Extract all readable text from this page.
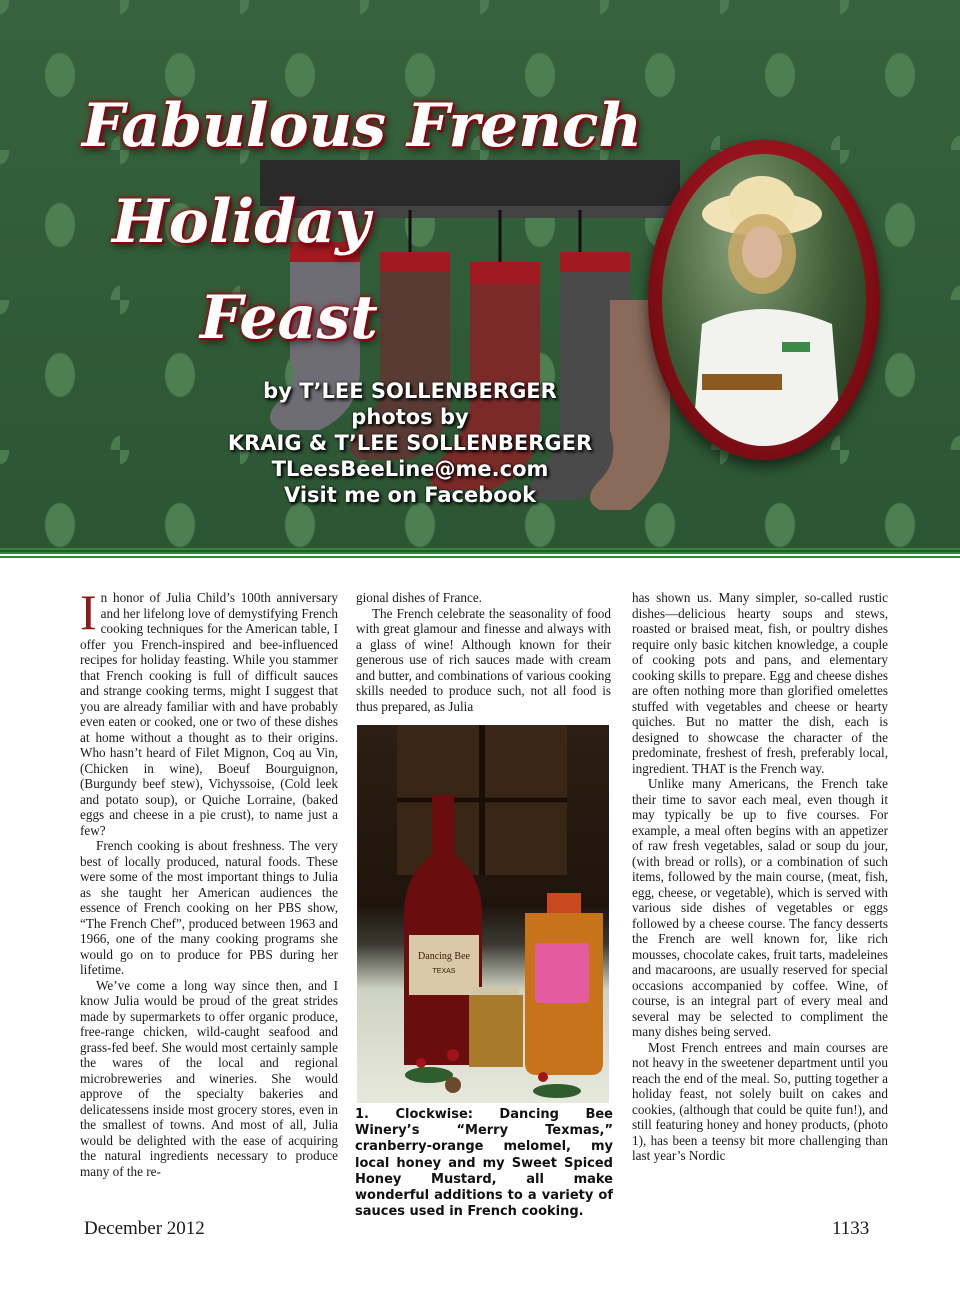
Fabulous French
Holiday
Feast
by T’LEE SOLLENBERGER
photos by
KRAIG & T’LEE SOLLENBERGER
TLeesBeeLine@me.com
Visit me on Facebook

In honor of Julia Child’s 100th anniversary and her lifelong love of demystifying French cooking techniques for the American table, I offer you French-inspired and bee-influenced recipes for holiday feasting. While you stammer that French cooking is full of difficult sauces and strange cooking terms, might I suggest that you are already familiar with and have probably even eaten or cooked, one or two of these dishes at home without a thought as to their origins. Who hasn’t heard of Filet Mignon, Coq au Vin, (Chicken in wine), Boeuf Bourguignon, (Burgundy beef stew), Vichyssoise, (Cold leek and potato soup), or Quiche Lorraine, (baked eggs and cheese in a pie crust), to name just a few?

French cooking is about freshness. The very best of locally produced, natural foods. These were some of the most important things to Julia as she taught her American audiences the essence of French cooking on her PBS show, “The French Chef”, produced between 1963 and 1966, one of the many cooking programs she would go on to produce for PBS during her lifetime.

We’ve come a long way since then, and I know Julia would be proud of the great strides made by supermarkets to offer organic produce, free-range chicken, wild-caught seafood and grass-fed beef. She would most certainly sample the wares of the local and regional microbreweries and wineries. She would approve of the specialty bakeries and delicatessens inside most grocery stores, even in the smallest of towns. And most of all, Julia would be delighted with the ease of acquiring the natural ingredients necessary to produce many of the re-

gional dishes of France.

The French celebrate the seasonality of food with great glamour and finesse and always with a glass of wine! Although known for their generous use of rich sauces made with cream and butter, and combinations of various cooking skills needed to produce such, not all food is thus prepared, as Julia

Dancing Bee
TEXAS
1. Clockwise: Dancing Bee Winery’s “Merry Texmas,” cranberry-orange melomel, my local honey and my Sweet Spiced Honey Mustard, all make wonderful additions to a variety of sauces used in French cooking.

has shown us. Many simpler, so-called rustic dishes—delicious hearty soups and stews, roasted or braised meat, fish, or poultry dishes require only basic kitchen knowledge, a couple of cooking pots and pans, and elementary cooking skills to prepare. Egg and cheese dishes are often nothing more than glorified omelettes stuffed with vegetables and cheese or hearty quiches. But no matter the dish, each is designed to showcase the character of the predominate, freshest of fresh, preferably local, ingredient. THAT is the French way.

Unlike many Americans, the French take their time to savor each meal, even though it may typically be up to five courses. For example, a meal often begins with an appetizer of raw fresh vegetables, salad or soup du jour, (with bread or rolls), or a combination of such items, followed by the main course, (meat, fish, egg, cheese, or vegetable), which is served with various side dishes of vegetables or eggs followed by a cheese course. The fancy desserts the French are well known for, like rich mousses, chocolate cakes, fruit tarts, madeleines and macaroons, are usually reserved for special occasions accompanied by coffee. Wine, of course, is an integral part of every meal and several may be selected to compliment the many dishes being served.

Most French entrees and main courses are not heavy in the sweetener department until you reach the end of the meal. So, putting together a holiday feast, not solely built on cakes and cookies, (although that could be quite fun!), and still featuring honey and honey products, (photo 1), has been a teensy bit more challenging than last year’s Nordic

December 2012	1133
